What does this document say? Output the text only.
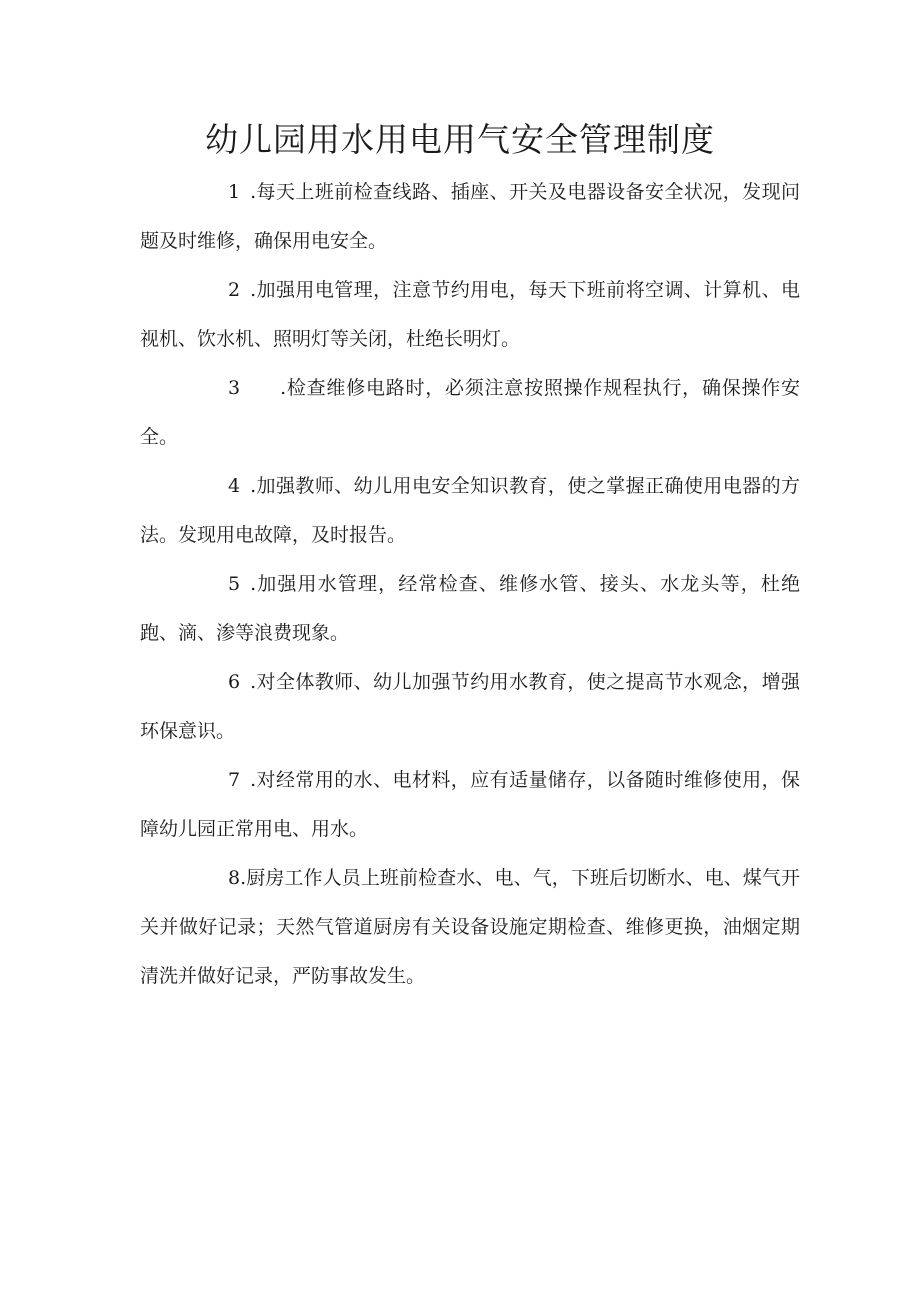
幼儿园用水用电用气安全管理制度

1 .每天上班前检查线路、插座、开关及电器设备安全状况，发现问题及时维修，确保用电安全。

2 .加强用电管理，注意节约用电，每天下班前将空调、计算机、电视机、饮水机、照明灯等关闭，杜绝长明灯。

3 .检查维修电路时，必须注意按照操作规程执行，确保操作安全。

4 .加强教师、幼儿用电安全知识教育，使之掌握正确使用电器的方法。发现用电故障，及时报告。

5 .加强用水管理，经常检查、维修水管、接头、水龙头等，杜绝跑、滴、渗等浪费现象。

6 .对全体教师、幼儿加强节约用水教育，使之提高节水观念，增强环保意识。

7 .对经常用的水、电材料，应有适量储存，以备随时维修使用，保障幼儿园正常用电、用水。

8.厨房工作人员上班前检查水、电、气，下班后切断水、电、煤气开关并做好记录；天然气管道厨房有关设备设施定期检查、维修更换，油烟定期清洗并做好记录，严防事故发生。
